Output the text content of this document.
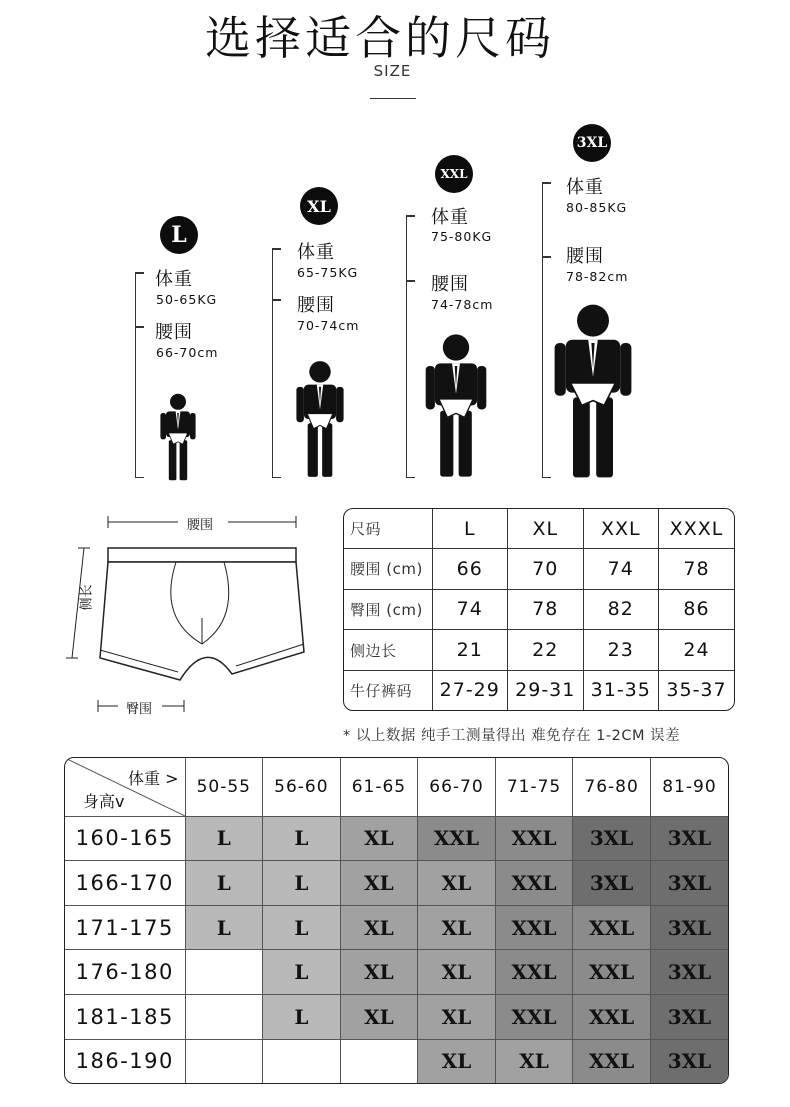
选择适合的尺码
SIZE
L
体重
50-65KG
腰围
66-70cm
XL
体重
65-75KG
腰围
70-74cm
XXL
体重
75-80KG
腰围
74-78cm
3XL
体重
80-85KG
腰围
78-82cm
腰围
侧长
臀围
尺码	L	XL	XXL	XXXL
腰围 (cm)	66	70	74	78
臀围 (cm)	74	78	82	86
侧边长	21	22	23	24
牛仔裤码	27-29	29-31	31-35	35-37
* 以上数据 纯手工测量得出 难免存在 1-2CM 误差
体重 >
身高v	50-55	56-60	61-65	66-70	71-75	76-80	81-90
160-165	L	L	XL	XXL	XXL	3XL	3XL
166-170	L	L	XL	XL	XXL	3XL	3XL
171-175	L	L	XL	XL	XXL	XXL	3XL
176-180		L	XL	XL	XXL	XXL	3XL
181-185		L	XL	XL	XXL	XXL	3XL
186-190				XL	XL	XXL	3XL
